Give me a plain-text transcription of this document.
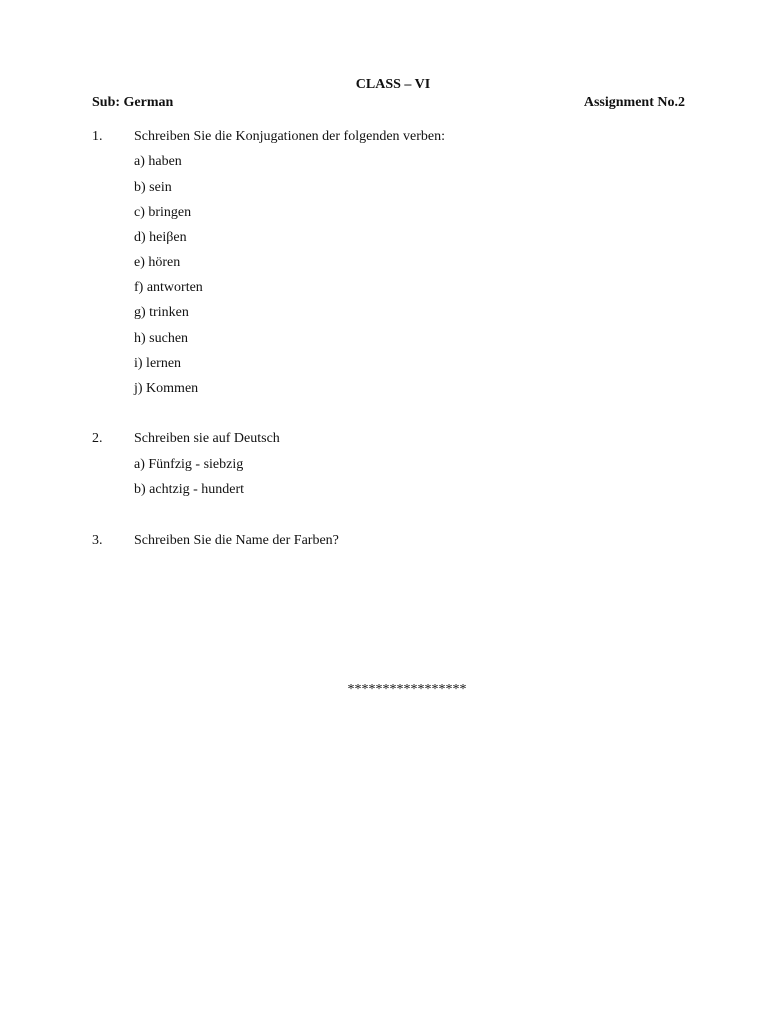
CLASS – VI
Sub: German	Assignment No.2
1. Schreiben Sie die Konjugationen der folgenden verben:
a) haben
b) sein
c) bringen
d) heiβen
e) hören
f) antworten
g) trinken
h) suchen
i) lernen
j) Kommen
2. Schreiben sie auf Deutsch
a) Fünfzig - siebzig
b) achtzig - hundert
3. Schreiben Sie die Name der Farben?
*****************
